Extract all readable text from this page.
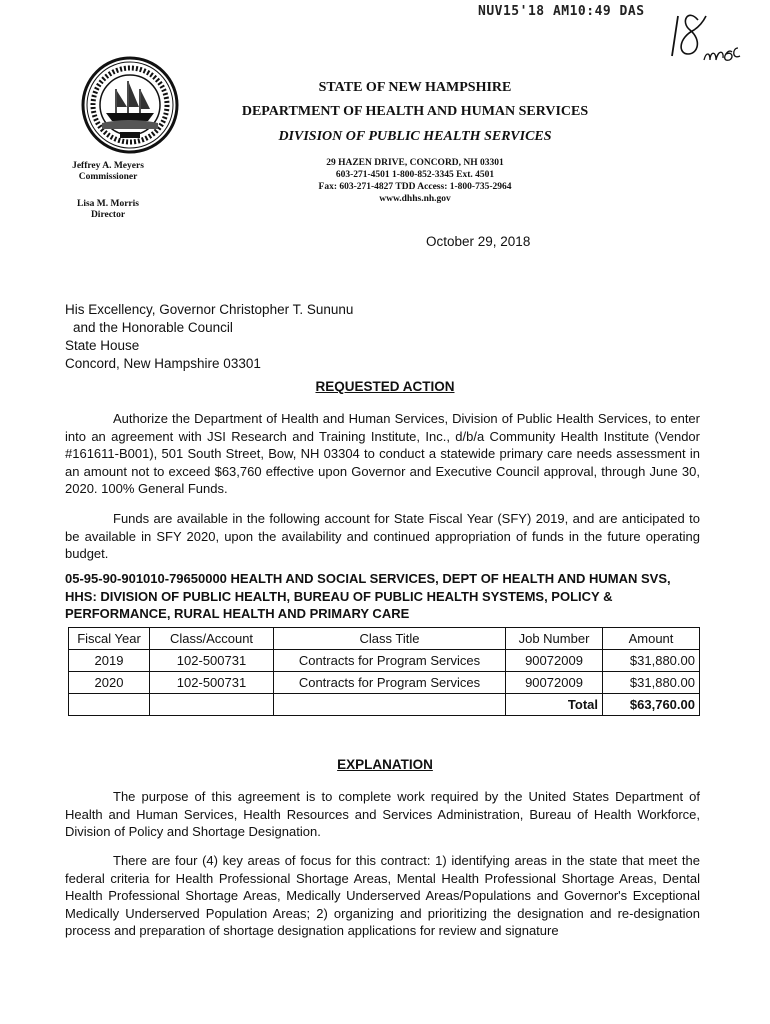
NUV15'18 AM10:49 DAS
STATE OF NEW HAMPSHIRE
DEPARTMENT OF HEALTH AND HUMAN SERVICES
DIVISION OF PUBLIC HEALTH SERVICES
29 HAZEN DRIVE, CONCORD, NH 03301
603-271-4501 1-800-852-3345 Ext. 4501
Fax: 603-271-4827 TDD Access: 1-800-735-2964
www.dhhs.nh.gov
Jeffrey A. Meyers
Commissioner
Lisa M. Morris
Director
October 29, 2018
His Excellency, Governor Christopher T. Sununu
and the Honorable Council
State House
Concord, New Hampshire 03301
REQUESTED ACTION
Authorize the Department of Health and Human Services, Division of Public Health Services, to enter into an agreement with JSI Research and Training Institute, Inc., d/b/a Community Health Institute (Vendor #161611-B001), 501 South Street, Bow, NH 03304 to conduct a statewide primary care needs assessment in an amount not to exceed $63,760 effective upon Governor and Executive Council approval, through June 30, 2020. 100% General Funds.
Funds are available in the following account for State Fiscal Year (SFY) 2019, and are anticipated to be available in SFY 2020, upon the availability and continued appropriation of funds in the future operating budget.
05-95-90-901010-79650000 HEALTH AND SOCIAL SERVICES, DEPT OF HEALTH AND HUMAN SVS, HHS: DIVISION OF PUBLIC HEALTH, BUREAU OF PUBLIC HEALTH SYSTEMS, POLICY & PERFORMANCE, RURAL HEALTH AND PRIMARY CARE
Fiscal Year	Class/Account	Class Title	Job Number	Amount
2019	102-500731	Contracts for Program Services	90072009	$31,880.00
2020	102-500731	Contracts for Program Services	90072009	$31,880.00
			Total	$63,760.00
EXPLANATION
The purpose of this agreement is to complete work required by the United States Department of Health and Human Services, Health Resources and Services Administration, Bureau of Health Workforce, Division of Policy and Shortage Designation.
There are four (4) key areas of focus for this contract: 1) identifying areas in the state that meet the federal criteria for Health Professional Shortage Areas, Mental Health Professional Shortage Areas, Dental Health Professional Shortage Areas, Medically Underserved Areas/Populations and Governor's Exceptional Medically Underserved Population Areas; 2) organizing and prioritizing the designation and re-designation process and preparation of shortage designation applications for review and signature
